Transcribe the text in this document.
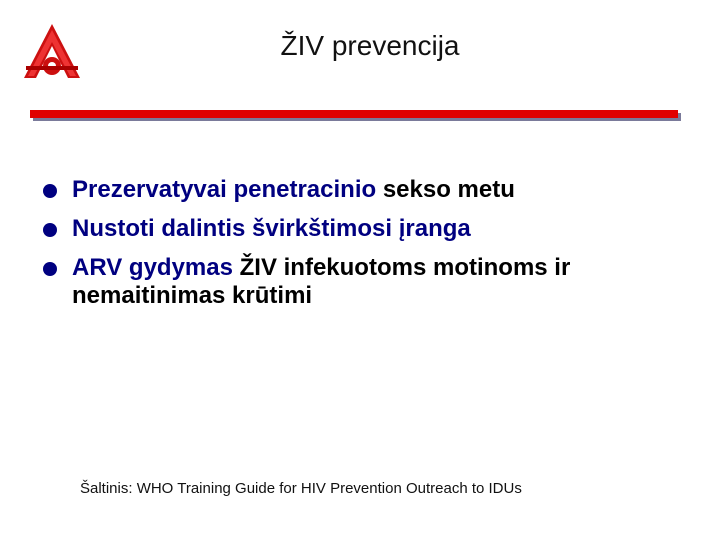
ŽIV prevencija
Prezervatyvai penetracinio sekso metu
Nustoti dalintis švirkštimosi įranga
ARV gydymas ŽIV infekuotoms motinoms ir nemaitinimas krūtimi
Šaltinis: WHO Training Guide for HIV Prevention Outreach to IDUs
